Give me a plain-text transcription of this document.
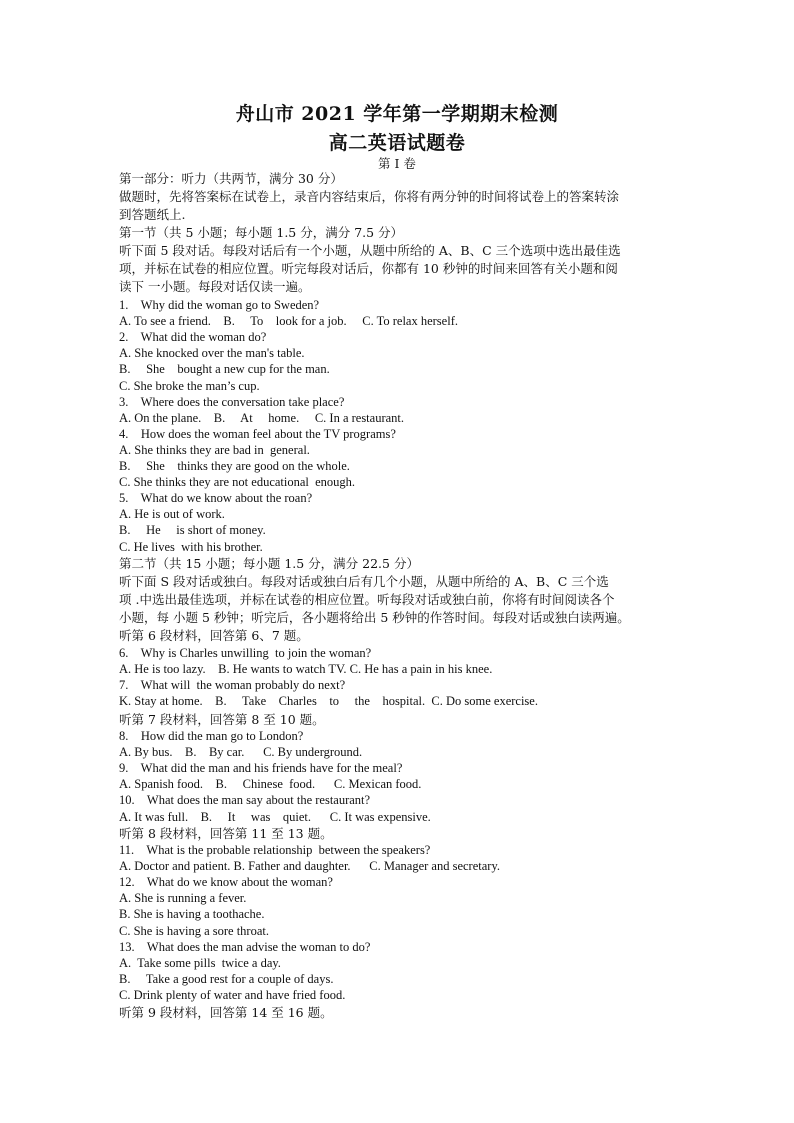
舟山市 2021 学年第一学期期末检测
高二英语试题卷
第 I 卷
第一部分：听力（共两节，满分 30 分）
做题时，先将答案标在试卷上，录音内容结束后，你将有两分钟的时间将试卷上的答案转涂
到答题纸上.
第一节（共 5 小题；每小题 1.5 分，满分 7.5 分）
听下面 5 段对话。每段对话后有一个小题，从题中所给的 A、B、C 三个选项中选出最佳选
项，并标在试卷的相应位置。听完每段对话后，你都有 10 秒钟的时间来回答有关小题和阅
读下 一小题。每段对话仅读一遍。
1.    Why did the woman go to Sweden?
A. To see a friend.    B.     To    look for a job.     C. To relax herself.
2.    What did the woman do?
A. She knocked over the man's table.
B.     She    bought a new cup for the man.
C. She broke the man’s cup.
3.    Where does the conversation take place?
A. On the plane.    B.     At     home.     C. In a restaurant.
4.    How does the woman feel about the TV programs?
A. She thinks they are bad in  general.
B.     She    thinks they are good on the whole.
C. She thinks they are not educational  enough.
5.    What do we know about the roan?
A. He is out of work.
B.     He     is short of money.
C. He lives  with his brother.
第二节（共 15 小题；每小题 1.5 分，满分 22.5 分）
听下面 S 段对话或独白。每段对话或独白后有几个小题，从题中所给的 A、B、C 三个选
项 .中选出最佳选项，并标在试卷的相应位置。听每段对话或独白前，你将有时间阅读各个
小题，每 小题 5 秒钟；听完后，各小题将给出 5 秒钟的作答时间。每段对话或独白读两遍。
听第 6 段材料，回答第 6、7 题。
6.    Why is Charles unwilling  to join the woman?
A. He is too lazy.    B. He wants to watch TV. C. He has a pain in his knee.
7.    What will  the woman probably do next?
K. Stay at home.    B.     Take    Charles    to     the    hospital.  C. Do some exercise.
听第 7 段材料，回答第 8 至 10 题。
8.    How did the man go to London?
A. By bus.    B.    By car.      C. By underground.
9.    What did the man and his friends have for the meal?
A. Spanish food.    B.     Chinese  food.      C. Mexican food.
10.    What does the man say about the restaurant?
A. It was full.    B.     It     was    quiet.      C. It was expensive.
听第 8 段材料，回答第 11 至 13 题。
11.    What is the probable relationship  between the speakers?
A. Doctor and patient. B. Father and daughter.      C. Manager and secretary.
12.    What do we know about the woman?
A. She is running a fever.
B. She is having a toothache.
C. She is having a sore throat.
13.    What does the man advise the woman to do?
A.  Take some pills  twice a day.
B.     Take a good rest for a couple of days.
C. Drink plenty of water and have fried food.
听第 9 段材料，回答第 14 至 16 题。
